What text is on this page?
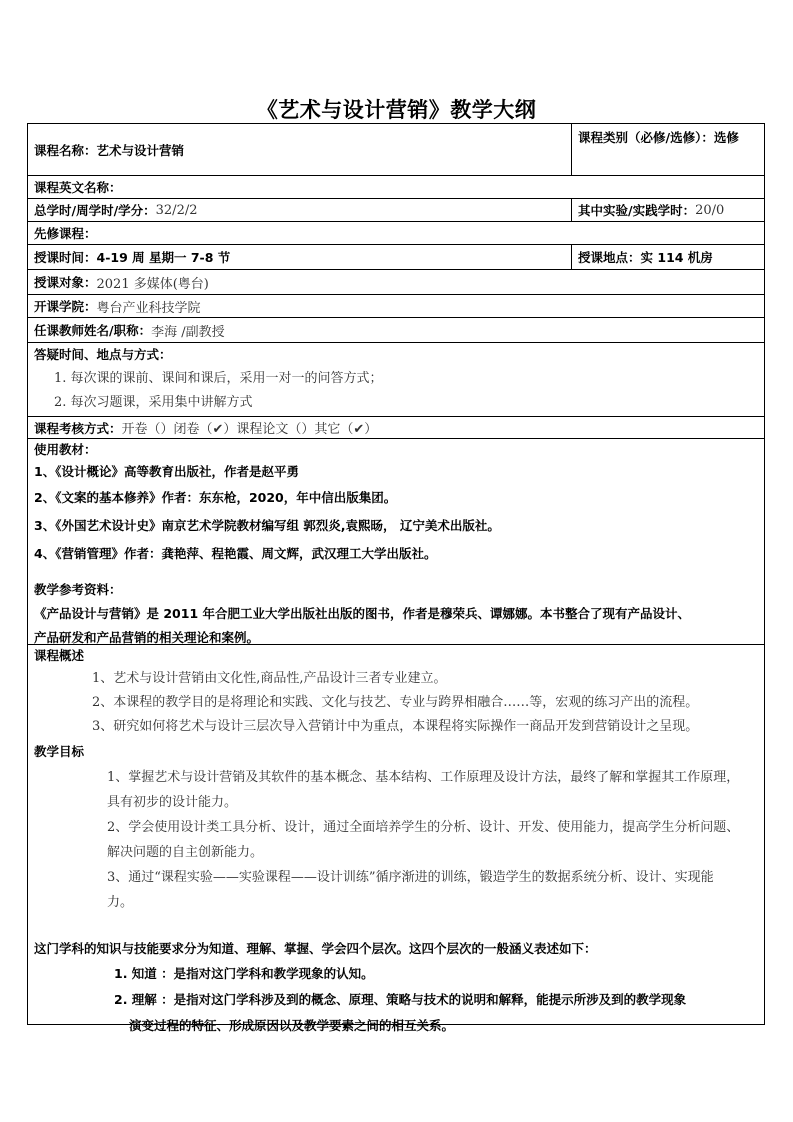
《艺术与设计营销》教学大纲
课程名称： 艺术与设计营销
课程类别（必修/选修）：选修
课程英文名称：
总学时/周学时/学分： 32/2/2	其中实验/实践学时： 20/0
先修课程：
授课时间： 4-19 周 星期一 7-8 节	授课地点： 实 114 机房
授课对象： 2021 多媒体(粤台)
开课学院： 粤台产业科技学院
任课教师姓名/职称： 李海 /副教授
答疑时间、地点与方式：
1. 每次课的课前、课间和课后，采用一对一的问答方式；
2. 每次习题课，采用集中讲解方式
课程考核方式： 开卷（）闭卷（✔）课程论文（）其它（✔）
使用教材：
1、《设计概论》高等教育出版社，作者是赵平勇
2、《文案的基本修养》作者：东东枪，2020，年中信出版集团。
3、《外国艺术设计史》南京艺术学院教材编写组 郭烈炎,袁熙旸， 辽宁美术出版社。
4、《营销管理》作者：龚艳萍、程艳霞、周文辉，武汉理工大学出版社。
教学参考资料：
《产品设计与营销》是 2011 年合肥工业大学出版社出版的图书，作者是穆荣兵、谭娜娜。本书整合了现有产品设计、
产品研发和产品营销的相关理论和案例。
课程概述
1、艺术与设计营销由文化性,商品性,产品设计三者专业建立。
2、本课程的教学目的是将理论和实践、文化与技艺、专业与跨界相融合……等，宏观的练习产出的流程。
3、研究如何将艺术与设计三层次导入营销计中为重点，本课程将实际操作一商品开发到营销设计之呈现。
教学目标
1、掌握艺术与设计营销及其软件的基本概念、基本结构、工作原理及设计方法，最终了解和掌握其工作原理，
具有初步的设计能力。
2、学会使用设计类工具分析、设计，通过全面培养学生的分析、设计、开发、使用能力，提高学生分析问题、
解决问题的自主创新能力。
3、通过“课程实验——实验课程——设计训练”循序渐进的训练，锻造学生的数据系统分析、设计、实现能
力。
这门学科的知识与技能要求分为知道、理解、掌握、学会四个层次。这四个层次的一般涵义表述如下：
1. 知道 ：是指对这门学科和教学现象的认知。
2. 理解 ：是指对这门学科涉及到的概念、原理、策略与技术的说明和解释，能提示所涉及到的教学现象
演变过程的特征、形成原因以及教学要素之间的相互关系。
